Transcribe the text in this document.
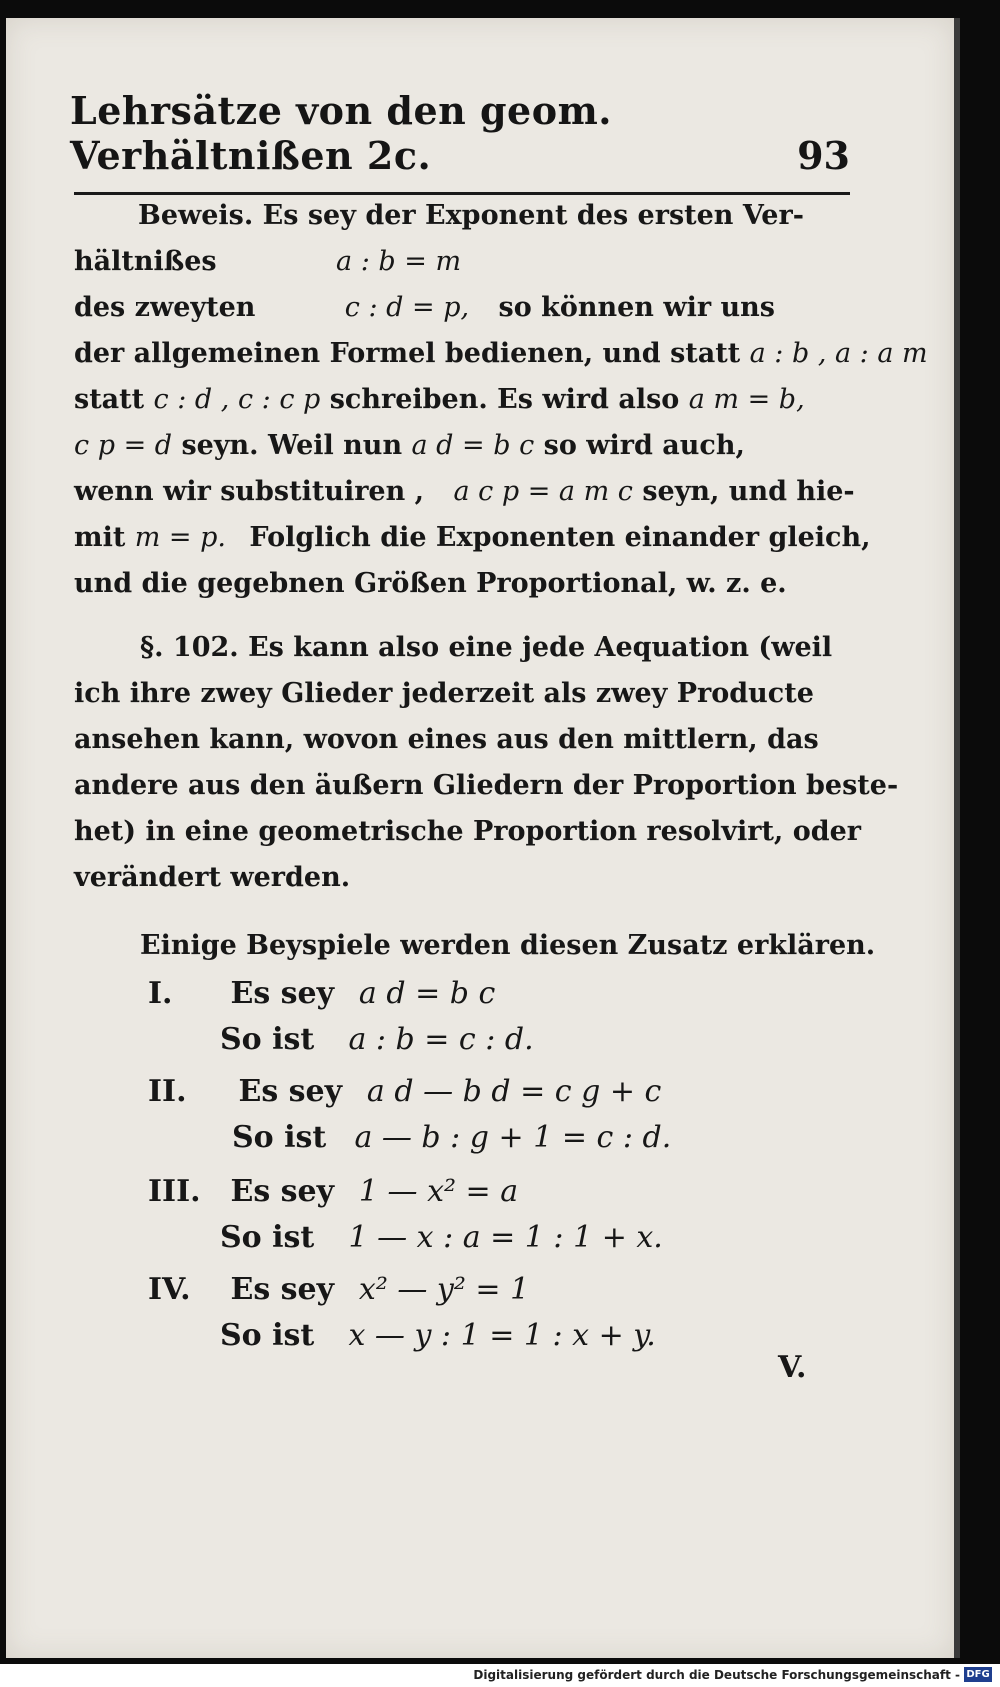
Lehrsätze von den geom. Verhältnißen 2c.	93
Beweis. Es sey der Exponent des ersten Ver-
hältnißes	a : b = m
des zweyten	c : d = p, so können wir uns
der allgemeinen Formel bedienen, und statt a : b , a : a m
statt c : d , c : c p schreiben. Es wird also a m = b,
c p = d seyn. Weil nun a d = b c so wird auch,
wenn wir substituiren , a c p = a m c seyn, und hie-
mit m = p. Folglich die Exponenten einander gleich,
und die gegebnen Größen Proportional, w. z. e.
§. 102. Es kann also eine jede Aequation (weil
ich ihre zwey Glieder jederzeit als zwey Producte
ansehen kann, wovon eines aus den mittlern, das
andere aus den äußern Gliedern der Proportion beste-
het) in eine geometrische Proportion resolvirt, oder
verändert werden.
Einige Beyspiele werden diesen Zusatz erklären.
I. Es sey a d = b c
So ist a : b = c : d.
II. Es sey a d — b d = c g + c
So ist a — b : g + 1 = c : d.
III. Es sey 1 — x² = a
So ist 1 — x : a = 1 : 1 + x.
IV. Es sey x² — y² = 1
So ist x — y : 1 = 1 : x + y.
V.
Digitalisierung gefördert durch die Deutsche Forschungsgemeinschaft - DFG
